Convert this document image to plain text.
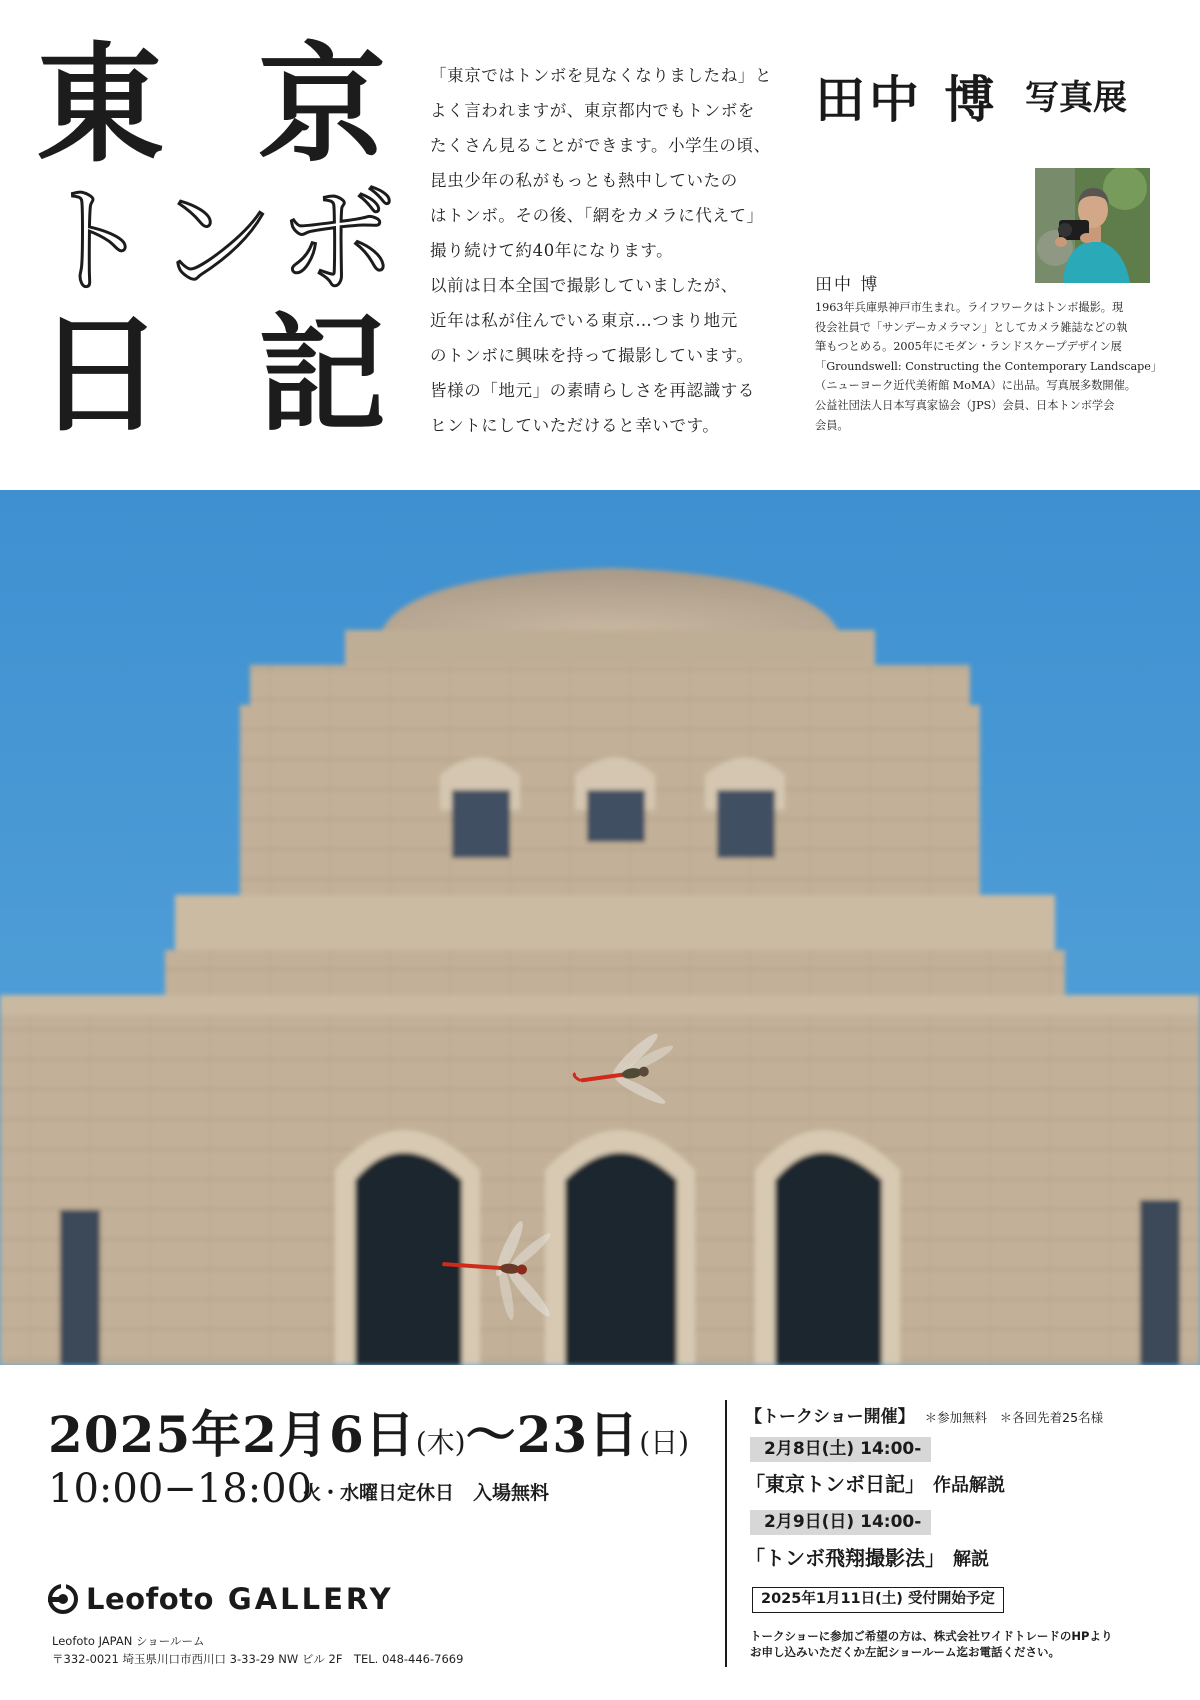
東 京
トンボ
日 記

「東京ではトンボを見なくなりましたね」と

よく言われますが、東京都内でもトンボを

たくさん見ることができます。小学生の頃、

昆虫少年の私がもっとも熱中していたの

はトンボ。その後、「網をカメラに代えて」

撮り続けて約40年になります。

以前は日本全国で撮影していましたが、

近年は私が住んでいる東京…つまり地元

のトンボに興味を持って撮影しています。

皆様の「地元」の素晴らしさを再認識する

ヒントにしていただけると幸いです。

田中 博 写真展
田中 博

1963年兵庫県神戸市生まれ。ライフワークはトンボ撮影。現

役会社員で「サンデーカメラマン」としてカメラ雑誌などの執

筆もつとめる。2005年にモダン・ランドスケープデザイン展

「Groundswell: Constructing the Contemporary Landscape」

（ニューヨーク近代美術館 MoMA）に出品。写真展多数開催。

公益社団法人日本写真家協会（JPS）会員、日本トンボ学会

会員。

2025年2月6日(木)〜23日(日)
10:00−18:00
火・水曜日定休日　入場無料
Leofoto GALLERY
Leofoto JAPAN ショールーム
〒332-0021 埼玉県川口市西川口 3-33-29 NW ビル 2F　TEL. 048-446-7669
【トークショー開催】 ＊参加無料　＊各回先着25名様
2月8日(土) 14:00-
「東京トンボ日記」 作品解説
2月9日(日) 14:00-
「トンボ飛翔撮影法」 解説
2025年1月11日(土) 受付開始予定
トークショーに参加ご希望の方は、株式会社ワイドトレードのHPより
お申し込みいただくか左記ショールーム迄お電話ください。
